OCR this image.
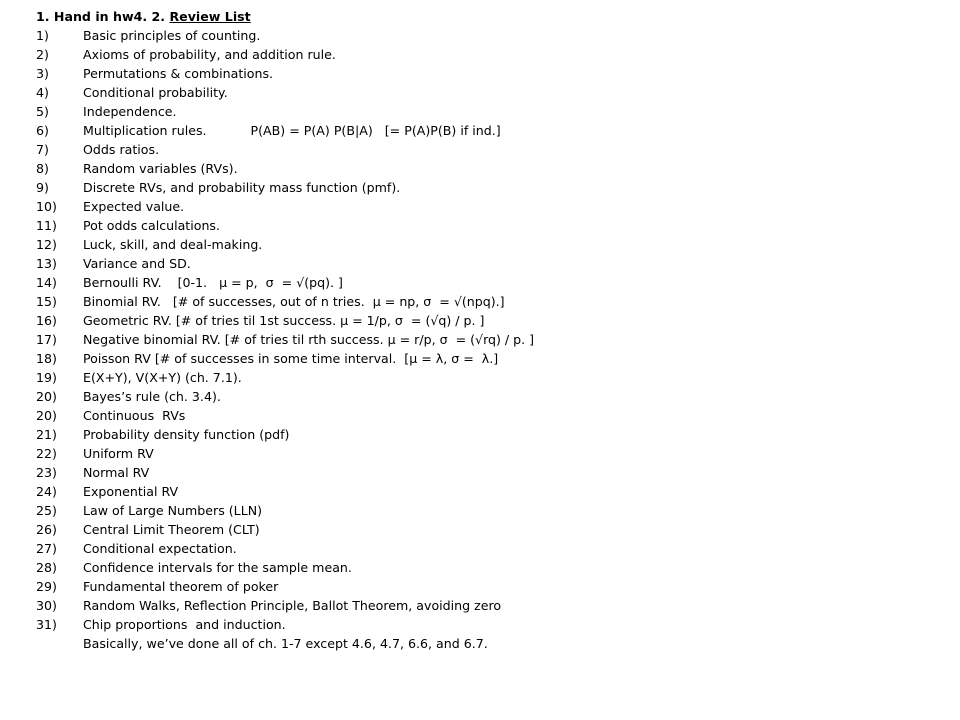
1. Hand in hw4. 2. Review List
1)	Basic principles of counting.
2)	Axioms of probability, and addition rule.
3)	Permutations & combinations.
4)	Conditional probability.
5)	Independence.
6)	Multiplication rules.           P(AB) = P(A) P(B|A)   [= P(A)P(B) if ind.]
7)	Odds ratios.
8)	Random variables (RVs).
9)	Discrete RVs, and probability mass function (pmf).
10)	Expected value.
11)	Pot odds calculations.
12)	Luck, skill, and deal-making.
13)	Variance and SD.
14)	Bernoulli RV.    [0-1.   μ = p,  σ  = √(pq). ]
15)	Binomial RV.   [# of successes, out of n tries.  μ = np, σ  = √(npq).]
16)	Geometric RV. [# of tries til 1st success. μ = 1/p, σ  = (√q) / p. ]
17)	Negative binomial RV. [# of tries til rth success. μ = r/p, σ  = (√rq) / p. ]
18)	Poisson RV [# of successes in some time interval.  [μ = λ, σ =  λ.]
19)	E(X+Y), V(X+Y) (ch. 7.1).
20)	Bayes’s rule (ch. 3.4).
20)	Continuous  RVs
21)	Probability density function (pdf)
22)	Uniform RV
23)	Normal RV
24)	Exponential RV
25)	Law of Large Numbers (LLN)
26)	Central Limit Theorem (CLT)
27)	Conditional expectation.
28)	Confidence intervals for the sample mean.
29)	Fundamental theorem of poker
30)	Random Walks, Reflection Principle, Ballot Theorem, avoiding zero
31)	Chip proportions  and induction.
Basically, we’ve done all of ch. 1-7 except 4.6, 4.7, 6.6, and 6.7.
